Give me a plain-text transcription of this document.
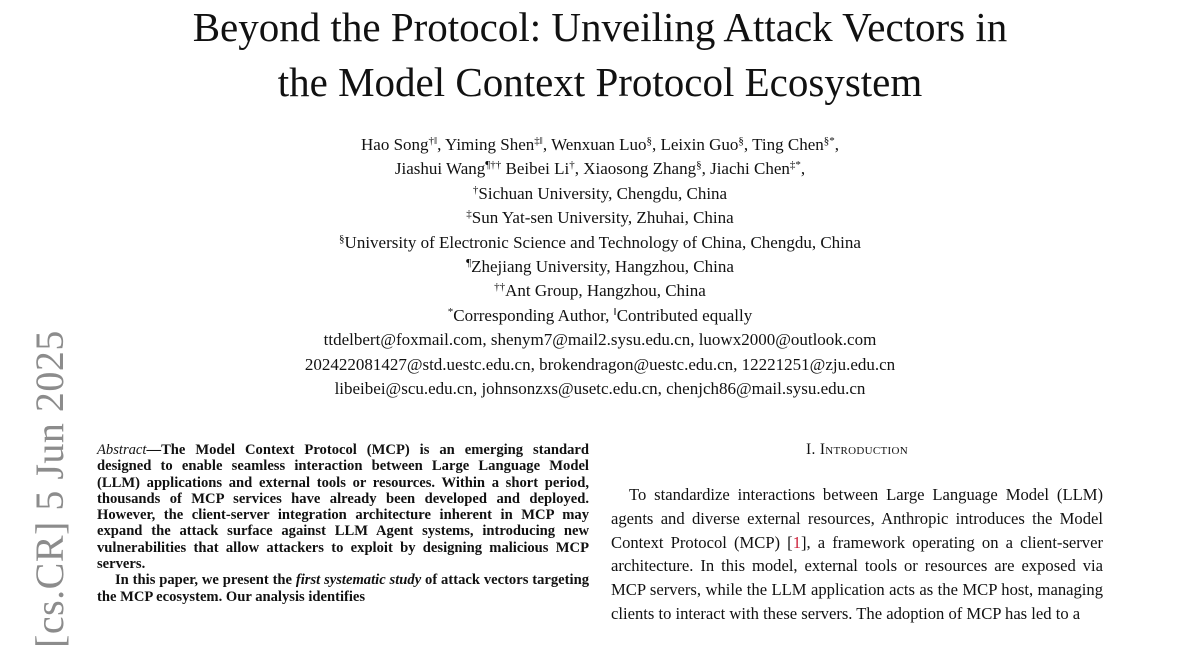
Beyond the Protocol: Unveiling Attack Vectors in
the Model Context Protocol Ecosystem
Hao Song†‖, Yiming Shen‡‖, Wenxuan Luo§, Leixin Guo§, Ting Chen§*,
Jiashui Wang¶†† Beibei Li†, Xiaosong Zhang§, Jiachi Chen‡*,
†Sichuan University, Chengdu, China
‡Sun Yat-sen University, Zhuhai, China
§University of Electronic Science and Technology of China, Chengdu, China
¶Zhejiang University, Hangzhou, China
††Ant Group, Hangzhou, China
*Corresponding Author, ‖Contributed equally
ttdelbert@foxmail.com, shenym7@mail2.sysu.edu.cn, luowx2000@outlook.com
202422081427@std.uestc.edu.cn, brokendragon@uestc.edu.cn, 12221251@zju.edu.cn
libeibei@scu.edu.cn, johnsonzxs@usetc.edu.cn, chenjch86@mail.sysu.edu.cn
[cs.CR] 5 Jun 2025 Abstract—The Model Context Protocol (MCP) is an emerging standard designed to enable seamless interaction between Large Language Model (LLM) applications and external tools or resources. Within a short period, thousands of MCP services have already been developed and deployed. However, the client-server integration architecture inherent in MCP may expand the attack surface against LLM Agent systems, introducing new vulnerabilities that allow attackers to exploit by designing malicious MCP servers.

In this paper, we present the first systematic study of attack vectors targeting the MCP ecosystem. Our analysis identifies

I. Introduction

To standardize interactions between Large Language Model (LLM) agents and diverse external resources, Anthropic introduces the Model Context Protocol (MCP) [1], a framework operating on a client-server architecture. In this model, external tools or resources are exposed via MCP servers, while the LLM application acts as the MCP host, managing clients to interact with these servers. The adoption of MCP has led to a
